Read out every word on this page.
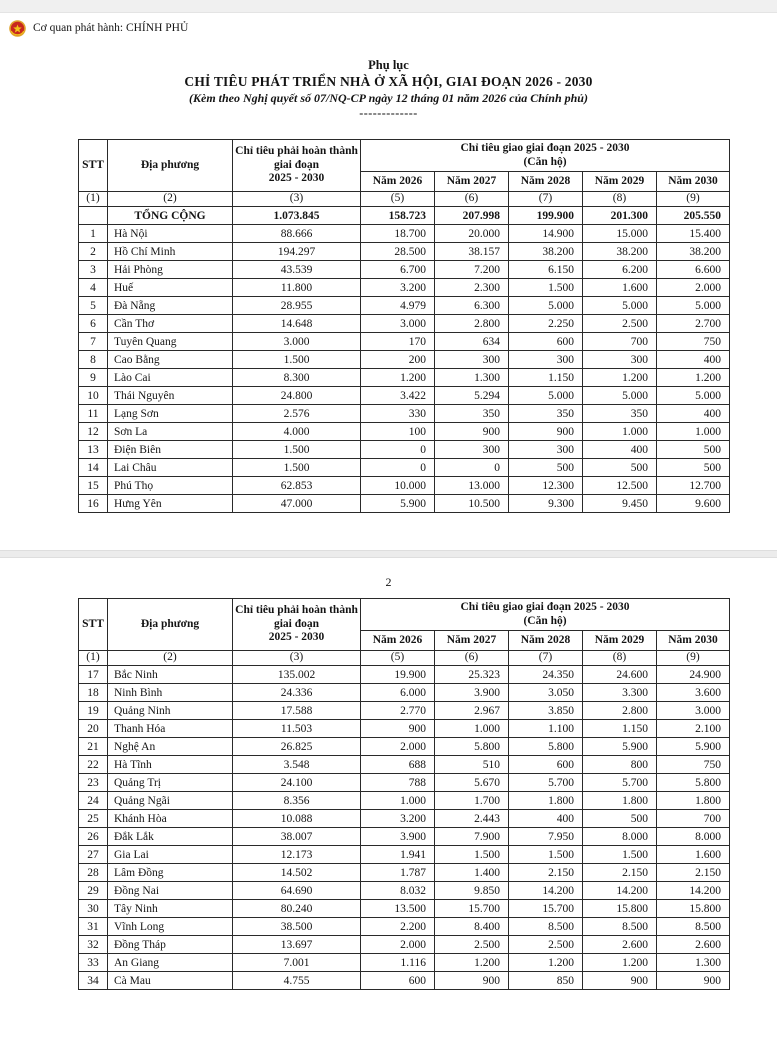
Cơ quan phát hành: CHÍNH PHỦ
Phụ lục
CHỈ TIÊU PHÁT TRIỂN NHÀ Ở XÃ HỘI, GIAI ĐOẠN 2026 - 2030
(Kèm theo Nghị quyết số 07/NQ-CP ngày 12 tháng 01 năm 2026 của Chính phủ)
-------------
STT	Địa phương	Chỉ tiêu phải hoàn thành giai đoạn
2025 - 2030	Chỉ tiêu giao giai đoạn 2025 - 2030
(Căn hộ)				

			Năm 2026	Năm 2027	Năm 2028	Năm 2029	Năm 2030
(1)	(2)	(3)	(5)	(6)	(7)	(8)	(9)
	TỔNG CỘNG	1.073.845	158.723	207.998	199.900	201.300	205.550
1	Hà Nội	88.666	18.700	20.000	14.900	15.000	15.400
2	Hồ Chí Minh	194.297	28.500	38.157	38.200	38.200	38.200
3	Hải Phòng	43.539	6.700	7.200	6.150	6.200	6.600
4	Huế	11.800	3.200	2.300	1.500	1.600	2.000
5	Đà Nẵng	28.955	4.979	6.300	5.000	5.000	5.000
6	Cần Thơ	14.648	3.000	2.800	2.250	2.500	2.700
7	Tuyên Quang	3.000	170	634	600	700	750
8	Cao Bằng	1.500	200	300	300	300	400
9	Lào Cai	8.300	1.200	1.300	1.150	1.200	1.200
10	Thái Nguyên	24.800	3.422	5.294	5.000	5.000	5.000
11	Lạng Sơn	2.576	330	350	350	350	400
12	Sơn La	4.000	100	900	900	1.000	1.000
13	Điện Biên	1.500	0	300	300	400	500
14	Lai Châu	1.500	0	0	500	500	500
15	Phú Thọ	62.853	10.000	13.000	12.300	12.500	12.700
16	Hưng Yên	47.000	5.900	10.500	9.300	9.450	9.600
2
STT	Địa phương	Chỉ tiêu phải hoàn thành giai đoạn
2025 - 2030	Chỉ tiêu giao giai đoạn 2025 - 2030
(Căn hộ)				

			Năm 2026	Năm 2027	Năm 2028	Năm 2029	Năm 2030
(1)	(2)	(3)	(5)	(6)	(7)	(8)	(9)
17	Bắc Ninh	135.002	19.900	25.323	24.350	24.600	24.900
18	Ninh Bình	24.336	6.000	3.900	3.050	3.300	3.600
19	Quảng Ninh	17.588	2.770	2.967	3.850	2.800	3.000
20	Thanh Hóa	11.503	900	1.000	1.100	1.150	2.100
21	Nghệ An	26.825	2.000	5.800	5.800	5.900	5.900
22	Hà Tĩnh	3.548	688	510	600	800	750
23	Quảng Trị	24.100	788	5.670	5.700	5.700	5.800
24	Quảng Ngãi	8.356	1.000	1.700	1.800	1.800	1.800
25	Khánh Hòa	10.088	3.200	2.443	400	500	700
26	Đắk Lắk	38.007	3.900	7.900	7.950	8.000	8.000
27	Gia Lai	12.173	1.941	1.500	1.500	1.500	1.600
28	Lâm Đồng	14.502	1.787	1.400	2.150	2.150	2.150
29	Đồng Nai	64.690	8.032	9.850	14.200	14.200	14.200
30	Tây Ninh	80.240	13.500	15.700	15.700	15.800	15.800
31	Vĩnh Long	38.500	2.200	8.400	8.500	8.500	8.500
32	Đồng Tháp	13.697	2.000	2.500	2.500	2.600	2.600
33	An Giang	7.001	1.116	1.200	1.200	1.200	1.300
34	Cà Mau	4.755	600	900	850	900	900
